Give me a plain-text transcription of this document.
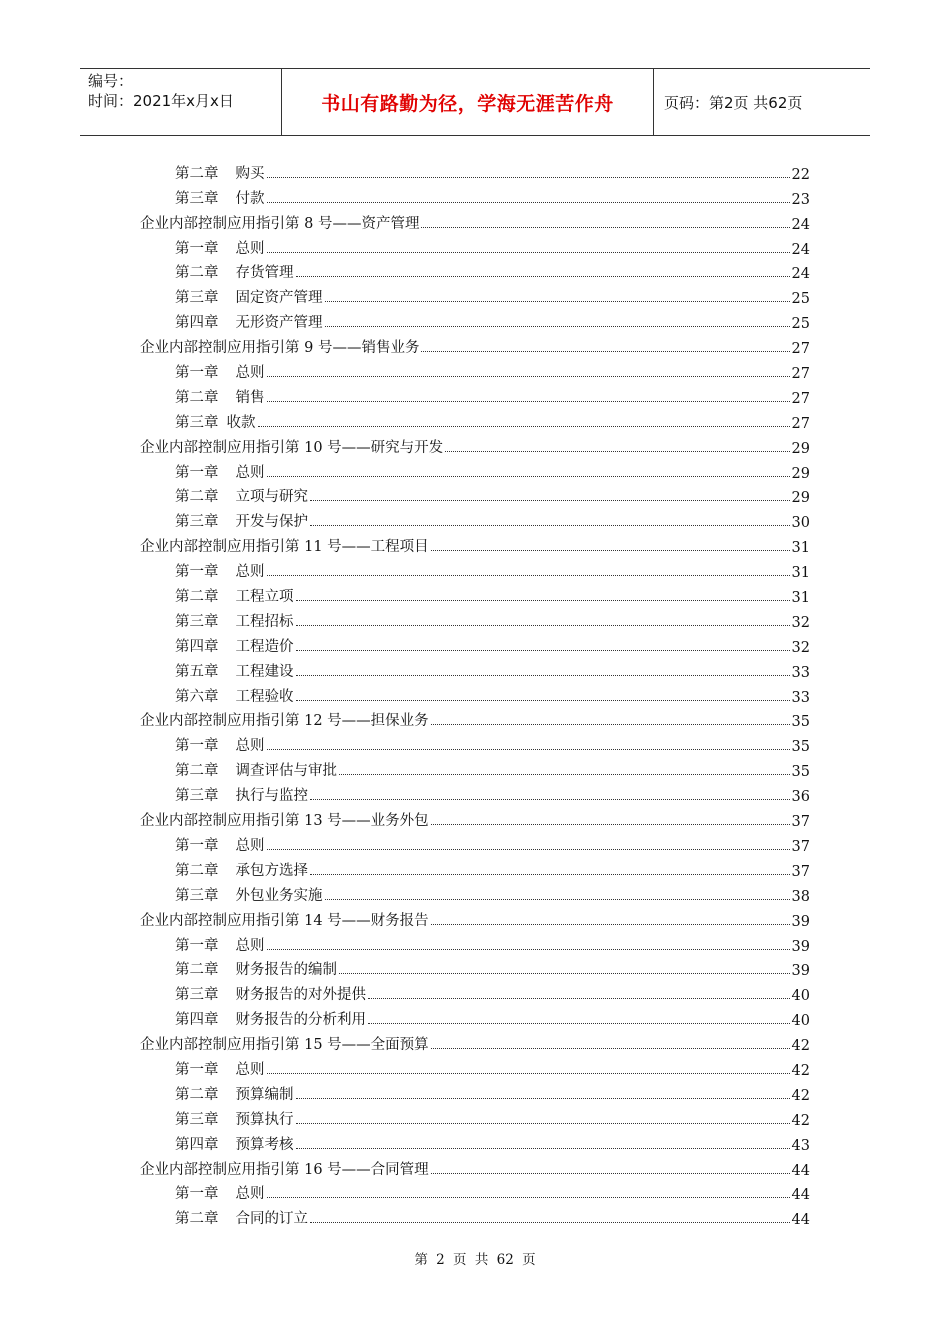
编号：
时间：2021年x月x日	书山有路勤为径，学海无涯苦作舟	页码：第2页 共62页
第二章 购买	22
第三章 付款	23
企业内部控制应用指引第 8 号——资产管理	24
第一章 总则	24
第二章 存货管理	24
第三章 固定资产管理	25
第四章 无形资产管理	25
企业内部控制应用指引第 9 号——销售业务	27
第一章 总则	27
第二章 销售	27
第三章 收款	27
企业内部控制应用指引第 10 号——研究与开发	29
第一章 总则	29
第二章 立项与研究	29
第三章 开发与保护	30
企业内部控制应用指引第 11 号——工程项目	31
第一章 总则	31
第二章 工程立项	31
第三章 工程招标	32
第四章 工程造价	32
第五章 工程建设	33
第六章 工程验收	33
企业内部控制应用指引第 12 号——担保业务	35
第一章 总则	35
第二章 调查评估与审批	35
第三章 执行与监控	36
企业内部控制应用指引第 13 号——业务外包	37
第一章 总则	37
第二章 承包方选择	37
第三章 外包业务实施	38
企业内部控制应用指引第 14 号——财务报告	39
第一章 总则	39
第二章 财务报告的编制	39
第三章 财务报告的对外提供	40
第四章 财务报告的分析利用	40
企业内部控制应用指引第 15 号——全面预算	42
第一章 总则	42
第二章 预算编制	42
第三章 预算执行	42
第四章 预算考核	43
企业内部控制应用指引第 16 号——合同管理	44
第一章 总则	44
第二章 合同的订立	44
第 2 页 共 62 页
